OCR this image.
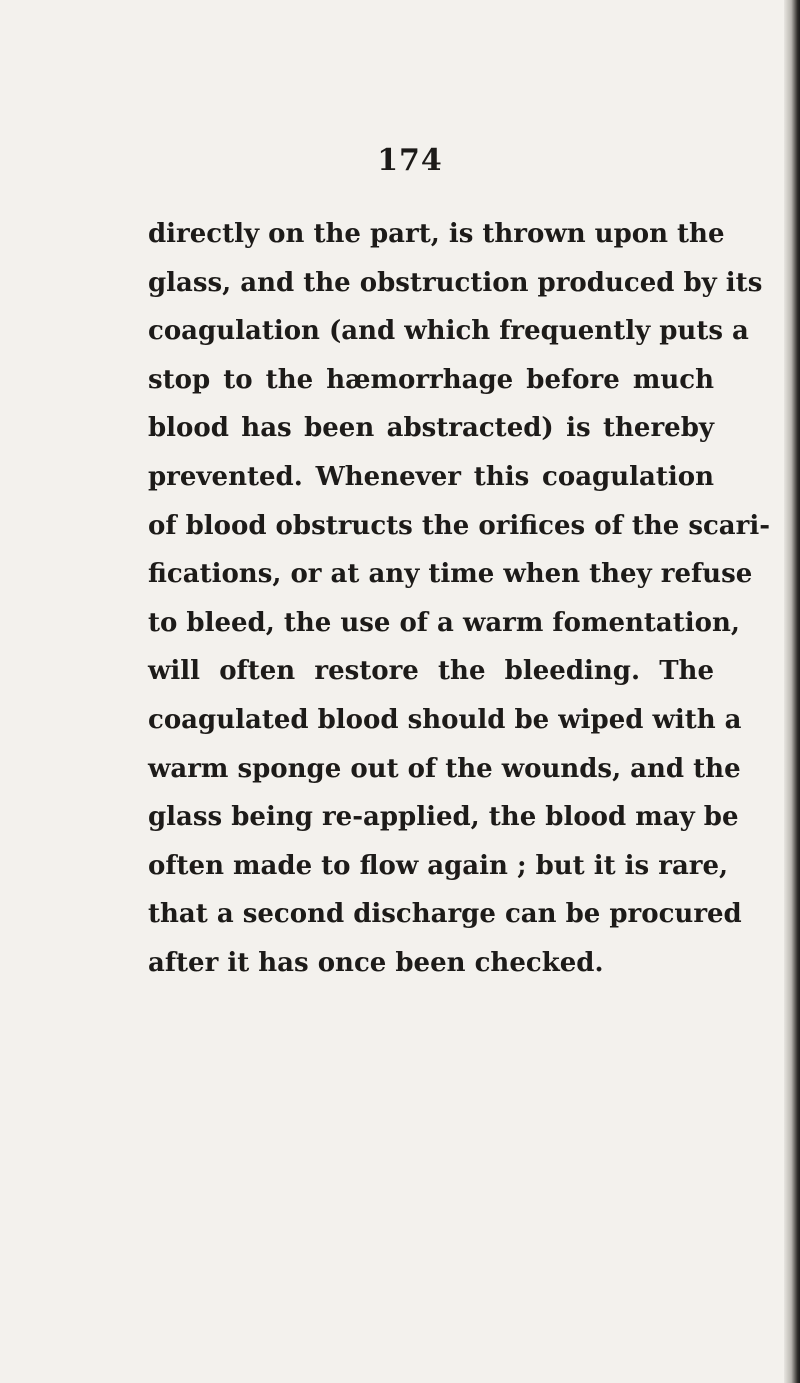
174
directly on the part, is thrown upon the
glass, and the obstruction produced by its
coagulation (and which frequently puts a
stop to the hæmorrhage before much
blood has been abstracted) is thereby
prevented. Whenever this coagulation
of blood obstructs the orifices of the scari-
fications, or at any time when they refuse
to bleed, the use of a warm fomentation,
will often restore the bleeding. The
coagulated blood should be wiped with a
warm sponge out of the wounds, and the
glass being re-applied, the blood may be
often made to flow again ; but it is rare,
that a second discharge can be procured
after it has once been checked.
